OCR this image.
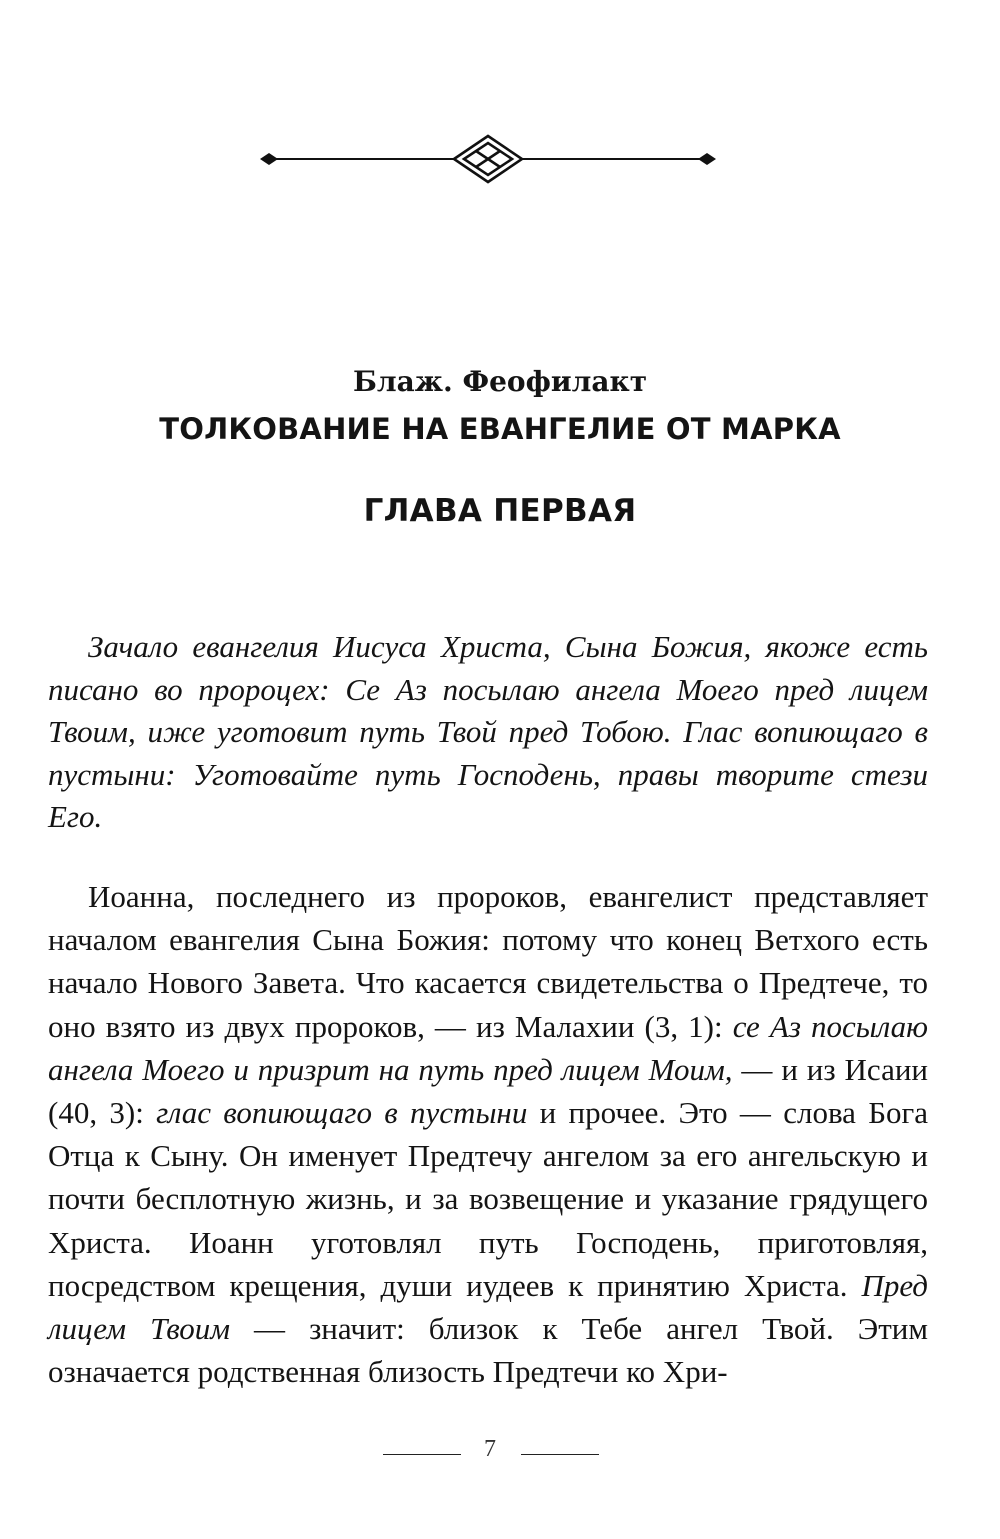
Блаж. Феофилакт
ТОЛКОВАНИЕ НА ЕВАНГЕЛИЕ ОТ МАРКА
ГЛАВА ПЕРВАЯ

Зачало евангелия Иисуса Христа, Сына Божия, якоже есть писано во пророцех: Се Аз посылаю ангела Моего пред лицем Твоим, иже уготовит путь Твой пред Тобою. Глас вопиющаго в пустыни: Уготовайте путь Господень, правы творите стези Его.

Иоанна, последнего из пророков, евангелист представляет началом евангелия Сына Божия: потому что конец Ветхого есть начало Нового Завета. Что касается свидетельства о Предтече, то оно взято из двух пророков, — из Малахии (3, 1): се Аз посылаю ангела Моего и призрит на путь пред лицем Моим, — и из Исаии (40, 3): глас вопиющаго в пустыни и прочее. Это — слова Бога Отца к Сыну. Он именует Предтечу ангелом за его ангельскую и почти бесплотную жизнь, и за возвещение и указание грядущего Христа. Иоанн уготовлял путь Господень, приготовляя, посредством крещения, души иудеев к принятию Христа. Пред лицем Твоим — значит: близок к Тебе ангел Твой. Этим означается родственная близость Предтечи ко Хри-

7
